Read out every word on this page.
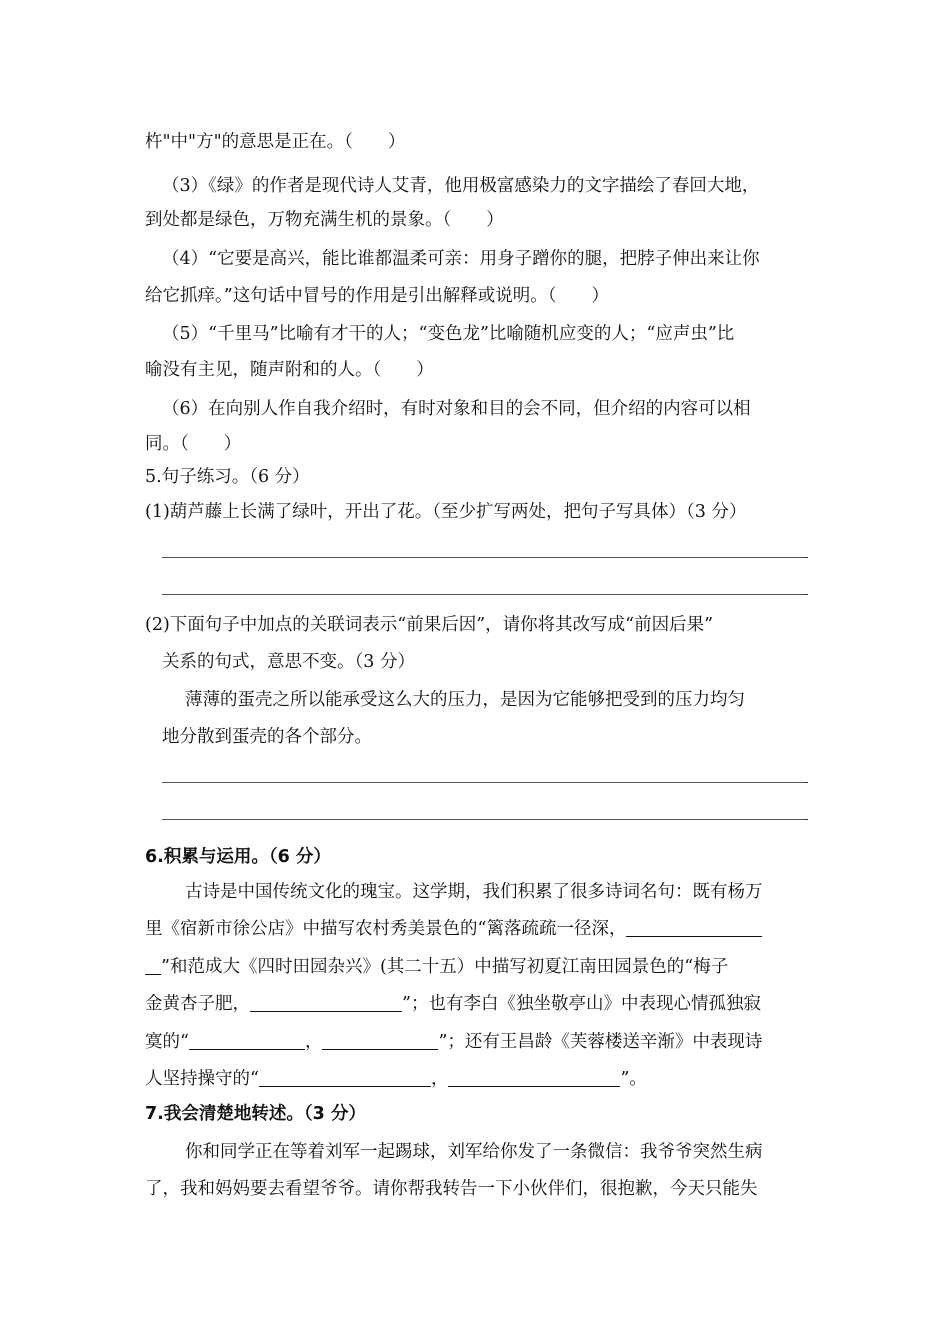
杵"中"方"的意思是正在。（　　）
（3）《绿》的作者是现代诗人艾青，他用极富感染力的文字描绘了春回大地，
到处都是绿色，万物充满生机的景象。（　　）
（4）“它要是高兴，能比谁都温柔可亲：用身子蹭你的腿，把脖子伸出来让你
给它抓痒。”这句话中冒号的作用是引出解释或说明。（　　）
（5）“千里马”比喻有才干的人；“变色龙”比喻随机应变的人；“应声虫”比
喻没有主见，随声附和的人。（　　）
（6）在向别人作自我介绍时，有时对象和目的会不同，但介绍的内容可以相
同。（　　）
5.句子练习。（6 分）
(1)葫芦藤上长满了绿叶，开出了花。（至少扩写两处，把句子写具体）（3 分）
(2)下面句子中加点的关联词表示“前果后因”，请你将其改写成“前因后果”
关系的句式，意思不变。（3 分）
薄薄的蛋壳之所以能承受这么大的压力，是因为它能够把受到的压力均匀
地分散到蛋壳的各个部分。
6.积累与运用。（6 分）
古诗是中国传统文化的瑰宝。这学期，我们积累了很多诗词名句：既有杨万
里《宿新市徐公店》中描写农村秀美景色的“篱落疏疏一径深，
”和范成大《四时田园杂兴》(其二十五）中描写初夏江南田园景色的“梅子
金黄杏子肥，	”；也有李白《独坐敬亭山》中表现心情孤独寂
寞的“	，	”；还有王昌龄《芙蓉楼送辛渐》中表现诗
人坚持操守的“	，	”。
7.我会清楚地转述。（3 分）
你和同学正在等着刘军一起踢球，刘军给你发了一条微信：我爷爷突然生病
了，我和妈妈要去看望爷爷。请你帮我转告一下小伙伴们，很抱歉，今天只能失
